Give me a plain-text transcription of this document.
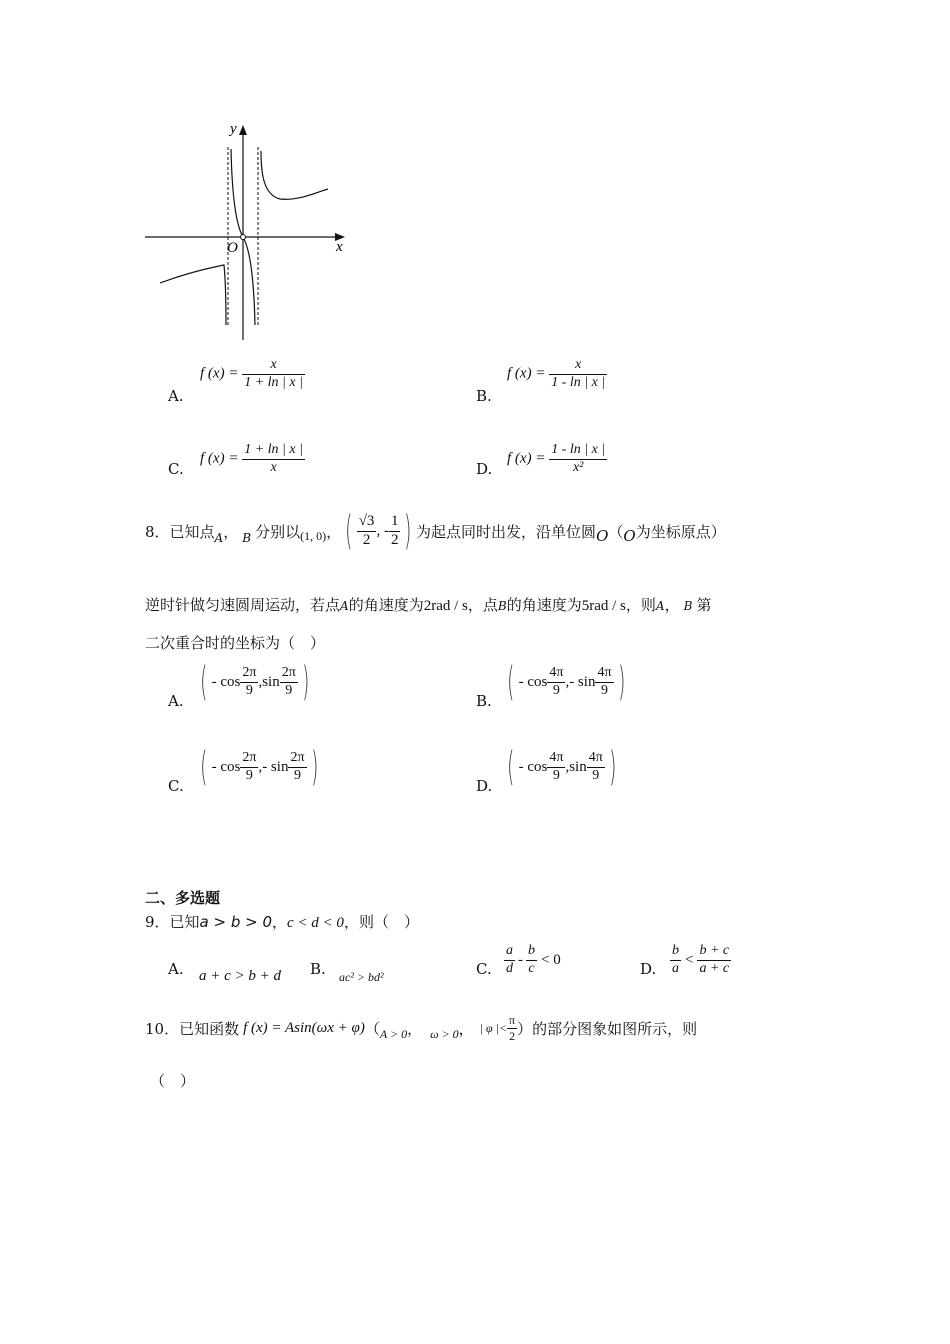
y
x
O
A.
f $(x) = \frac{x}{1 + \ln | x |}$
B.
f $(x) = \frac{x}{1 - \ln | x |}$
C.
f $(x) = \frac{1 + \ln | x |}{x}$	D.
f $(x) = \frac{1 - \ln | x |}{\text{x²}}$
8．已知点 A ， B 分别以 (1, 0) ， ( $\frac{√3}{2}$ , - $\frac{1}{2}$ ) 为起点同时出发，沿单位圆 O （ O 为坐标原点）
逆时针做匀速圆周运动，若点A的角速度为2rad / s，点B的角速度为5rad / s，则A， B 第
二次重合时的坐标为（　）
A. ( - $\cos \frac{2\pi}{9} ,\sin \frac{2\pi}{9}$ )	B. ( - $\cos \frac{4\pi}{9}$ ,- $\sin \frac{4\pi}{9}$ )
C. ( - $\cos \frac{2\pi}{9}$ ,- $\sin \frac{2\pi}{9}$ )	D. ( - $\cos \frac{4\pi}{9} ,\sin \frac{4\pi}{9}$ )
二、多选题
9．已知a > b > 0，c < d < 0，则（　）
A. a + c > b + d B. ac² > bd²	C. $\frac{a}{d} - \frac{b}{c} < 0$
D. $\frac{b}{a} < \frac{b + c}{a + c}$
10．已知函数 f (x) = Asin(ωx + φ) （ A > 0 ， ω > 0 ， | φ |< $\frac{\pi}{2}$ ）的部分图象如图所示，则
（　）
